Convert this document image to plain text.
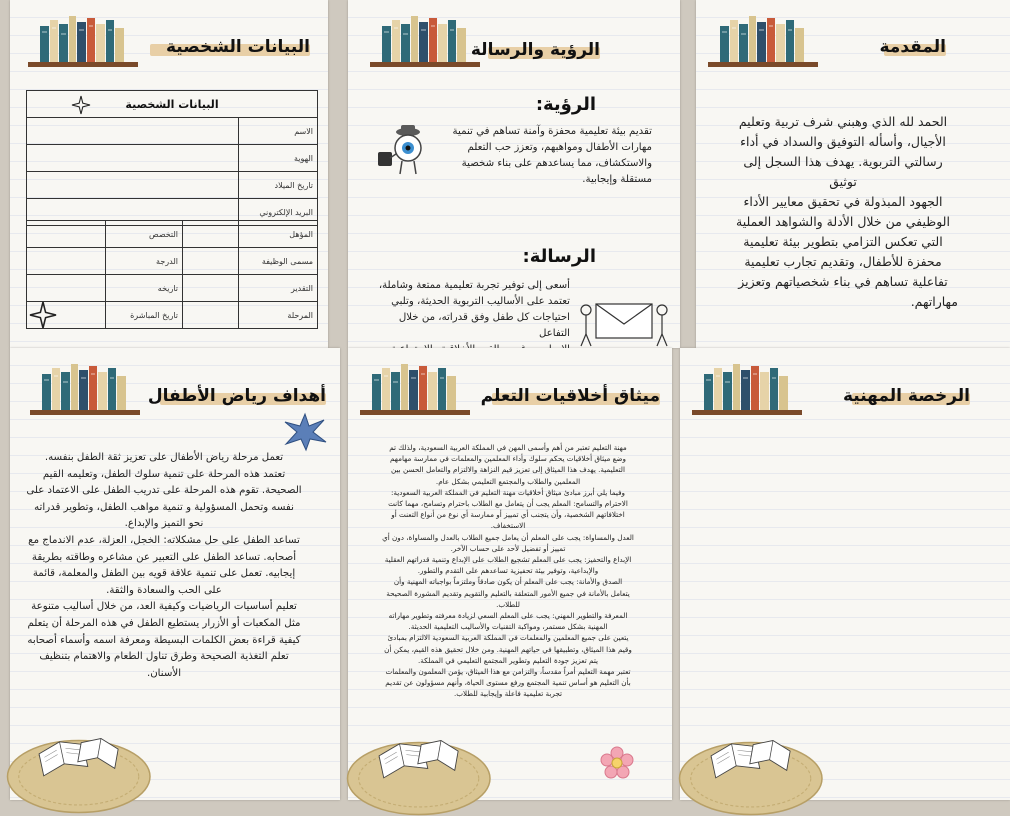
البيانات الشخصية
البيانات الشخصية	
الاسم	
الهوية	
تاريخ الميلاد	
البريد الإلكتروني	
المؤهل		التخصص	
مسمى الوظيفة		الدرجة	
التقدير		تاريخه	
المرحلة		تاريخ المباشرة	
الرؤية والرسالة
الرؤية:
تقديم بيئة تعليمية محفزة وآمنة تساهم في تنمية
مهارات الأطفال ومواهبهم، وتعزز حب التعلم
والاستكشاف، مما يساعدهم على بناء شخصية
مستقلة وإيجابية.
الرسالة:
أسعى إلى توفير تجربة تعليمية ممتعة وشاملة،
تعتمد على الأساليب التربوية الحديثة، وتلبي
احتياجات كل طفل وفق قدراته، من خلال التفاعل
المقدمة
الحمد لله الذي وهبني شرف تربية وتعليم
الأجيال، وأسأله التوفيق والسداد في أداء
رسالتي التربوية. يهدف هذا السجل إلى توثيق
الجهود المبذولة في تحقيق معايير الأداء
الوظيفي من خلال الأدلة والشواهد العملية
التي تعكس التزامي بتطوير بيئة تعليمية
محفزة للأطفال، وتقديم تجارب تعليمية
تفاعلية تساهم في بناء شخصياتهم وتعزيز
مهاراتهم.
أهداف رياض الأطفال
تعمل مرحلة رياض الأطفال على تعزيز ثقة الطفل بنفسه.
تعتمد هذه المرحلة على تنمية سلوك الطفل، وتعليمه القيم
الصحيحة. تقوم هذه المرحلة على تدريب الطفل على الاعتماد على
نفسه وتحمل المسؤولية و تنمية مواهب الطفل، وتطوير قدراته
نحو التميز والإبداع.
تساعد الطفل على حل مشكلاته: الخجل، العزلة، عدم الاندماج مع
أصحابه. تساعد الطفل على التعبير عن مشاعره وطاقته بطريقة
إيجابيه. تعمل على تنمية علاقة قويه بين الطفل والمعلمة، قائمة
على الحب والسعادة والثقة.
تعليم أساسيات الرياضيات وكيفية العد، من خلال أساليب متنوعة
مثل المكعبات أو الأزرار يستطيع الطفل في هذه المرحلة أن يتعلم
كيفية قراءة بعض الكلمات البسيطة ومعرفة اسمه وأسماء أصحابه
تعلم التغذية الصحيحة وطرق تناول الطعام والاهتمام بتنظيف
الأسنان.
ميثاق أخلاقيات التعلم
مهنة التعليم تعتبر من أهم وأسمى المهن في المملكة العربية السعودية، ولذلك تم
وضع ميثاق أخلاقيات يحكم سلوك وأداء المعلمين والمعلمات في ممارسة مهامهم
التعليمية. يهدف هذا الميثاق إلى تعزيز قيم النزاهة والالتزام والتعامل الحسن بين
المعلمين والطلاب والمجتمع التعليمي بشكل عام.
وفيما يلي أبرز مبادئ ميثاق أخلاقيات مهنة التعليم في المملكة العربية السعودية:
الاحترام والتسامح: المعلم يجب أن يتعامل مع الطلاب باحترام وتسامح، مهما كانت
اختلافاتهم الشخصية، وأن يتجنب أي تمييز أو ممارسة أي نوع من أنواع التعنت أو
الاستخفاف.
العدل والمساواة: يجب على المعلم أن يعامل جميع الطلاب بالعدل والمساواة، دون أي
تمييز أو تفضيل لأحد على حساب الآخر.
الإبداع والتحفيز: يجب على المعلم تشجيع الطلاب على الإبداع وتنمية قدراتهم العقلية
والإبداعية، وتوفير بيئة تحفيزية تساعدهم على التقدم والتطور.
الصدق والأمانة: يجب على المعلم أن يكون صادقاً وملتزماً بواجباته المهنية وأن
يتعامل بالأمانة في جميع الأمور المتعلقة بالتعليم والتقويم وتقديم المشورة الصحيحة
للطلاب.
المعرفة والتطوير المهني: يجب على المعلم السعي لزيادة معرفته وتطوير مهاراته
المهنية بشكل مستمر، ومواكبة التقنيات والأساليب التعليمية الحديثة.
يتعين على جميع المعلمين والمعلمات في المملكة العربية السعودية الالتزام بمبادئ
وقيم هذا الميثاق، وتطبيقها في حياتهم المهنية. ومن خلال تحقيق هذه القيم، يمكن أن
يتم تعزيز جودة التعليم وتطوير المجتمع التعليمي في المملكة.
تعتبر مهمة التعليم أمراً مقدساً، والتزامن مع هذا الميثاق، يؤمن المعلمون والمعلمات
بأن التعليم هو أساس تنمية المجتمع ورفع مستوى الحياة، وأنهم مسؤولون عن تقديم
تجربة تعليمية فاعلة وإيجابية للطلاب.
الرخصة المهنية
